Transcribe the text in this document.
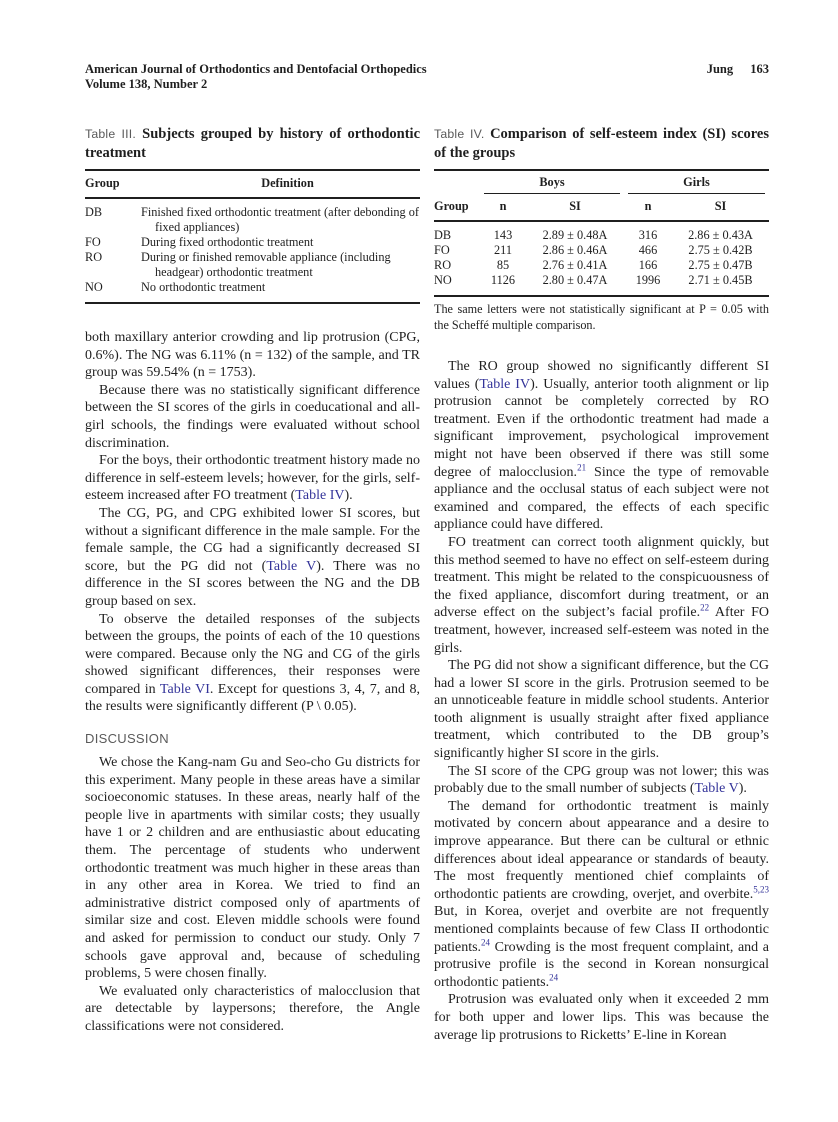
American Journal of Orthodontics and Dentofacial Orthopedics
Volume 138, Number 2
Jung 163

Table III. Subjects grouped by history of orthodontic treatment

Group	Definition
DB	Finished fixed orthodontic treatment (after debonding of fixed appliances)
FO	During fixed orthodontic treatment
RO	During or finished removable appliance (including headgear) orthodontic treatment
NO	No orthodontic treatment

both maxillary anterior crowding and lip protrusion (CPG, 0.6%). The NG was 6.11% (n = 132) of the sample, and TR group was 59.54% (n = 1753).

Because there was no statistically significant difference between the SI scores of the girls in coeducational and all-girl schools, the findings were evaluated without school discrimination.

For the boys, their orthodontic treatment history made no difference in self-esteem levels; however, for the girls, self-esteem increased after FO treatment (Table IV).

The CG, PG, and CPG exhibited lower SI scores, but without a significant difference in the male sample. For the female sample, the CG had a significantly decreased SI score, but the PG did not (Table V). There was no difference in the SI scores between the NG and the DB group based on sex.

To observe the detailed responses of the subjects between the groups, the points of each of the 10 questions were compared. Because only the NG and CG of the girls showed significant differences, their responses were compared in Table VI. Except for questions 3, 4, 7, and 8, the results were significantly different (P \ 0.05).

DISCUSSION

We chose the Kang-nam Gu and Seo-cho Gu districts for this experiment. Many people in these areas have a similar socioeconomic statuses. In these areas, nearly half of the people live in apartments with similar costs; they usually have 1 or 2 children and are enthusiastic about educating them. The percentage of students who underwent orthodontic treatment was much higher in these areas than in any other area in Korea. We tried to find an administrative district composed only of apartments of similar size and cost. Eleven middle schools were found and asked for permission to conduct our study. Only 7 schools gave approval and, because of scheduling problems, 5 were chosen finally.

We evaluated only characteristics of malocclusion that are detectable by laypersons; therefore, the Angle classifications were not considered.

Table IV. Comparison of self-esteem index (SI) scores of the groups

	Boys		Girls	

Group	n	SI	n	SI
DB	143	2.89 ± 0.48A	316	2.86 ± 0.43A
FO	211	2.86 ± 0.46A	466	2.75 ± 0.42B
RO	85	2.76 ± 0.41A	166	2.75 ± 0.47B
NO	1126	2.80 ± 0.47A	1996	2.71 ± 0.45B

The same letters were not statistically significant at P = 0.05 with the Scheffé multiple comparison.

The RO group showed no significantly different SI values (Table IV). Usually, anterior tooth alignment or lip protrusion cannot be completely corrected by RO treatment. Even if the orthodontic treatment had made a significant improvement, psychological improvement might not have been observed if there was still some degree of malocclusion.$^{21}$ Since the type of removable appliance and the occlusal status of each subject were not examined and compared, the effects of each specific appliance could have differed.

FO treatment can correct tooth alignment quickly, but this method seemed to have no effect on self-esteem during treatment. This might be related to the conspicuousness of the fixed appliance, discomfort during treatment, or an adverse effect on the subject’s facial profile.$^{22}$ After FO treatment, however, increased self-esteem was noted in the girls.

The PG did not show a significant difference, but the CG had a lower SI score in the girls. Protrusion seemed to be an unnoticeable feature in middle school students. Anterior tooth alignment is usually straight after fixed appliance treatment, which contributed to the DB group’s significantly higher SI score in the girls.

The SI score of the CPG group was not lower; this was probably due to the small number of subjects (Table V).

The demand for orthodontic treatment is mainly motivated by concern about appearance and a desire to improve appearance. But there can be cultural or ethnic differences about ideal appearance or standards of beauty. The most frequently mentioned chief complaints of orthodontic patients are crowding, overjet, and overbite.$^{5,23}$ But, in Korea, overjet and overbite are not frequently mentioned complaints because of few Class II orthodontic patients.$^{24}$ Crowding is the most frequent complaint, and a protrusive profile is the second in Korean nonsurgical orthodontic patients.$^{24}$

Protrusion was evaluated only when it exceeded 2 mm for both upper and lower lips. This was because the average lip protrusions to Ricketts’ E-line in Korean
